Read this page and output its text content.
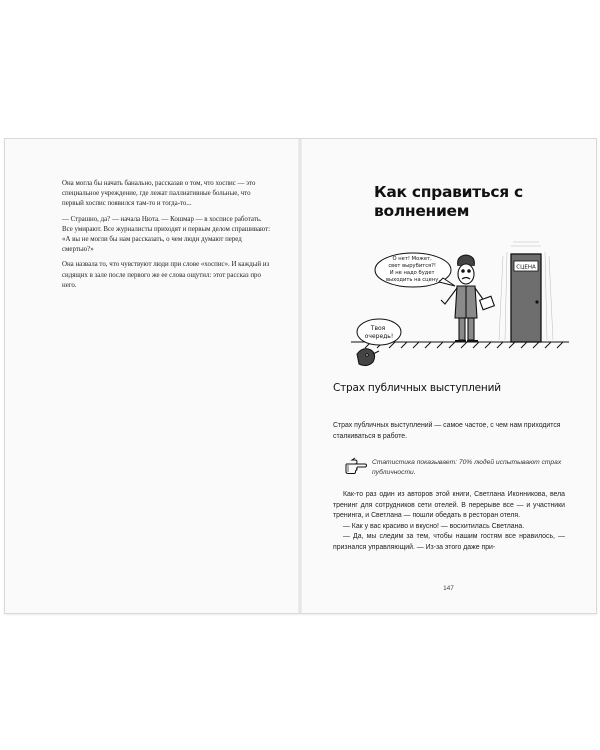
Она могла бы начать банально, рассказав о том, что хоспис — это специальное учреждение, где лежат паллиативные больные, что первый хоспис появился там-то и тогда-то...

— Страшно, да? — начала Нюта. — Кошмар — в хосписе работать. Все умирают. Все журналисты приходят и первым делом спрашивают: «А вы не могли бы нам рассказать, о чем люди думают перед смертью?»

Она назвала то, что чувствуют люди при слове «хоспис». И каждый из сидящих в зале после первого же ее слова ощутил: этот рассказ про него.

Как справиться с волнением
СЦЕНА
О нет! Может, свет вырубится?! И не надо будет выходить на сцену.
Твоя очередь!
Страх публичных выступлений
Страх публичных выступлений — самое частое, с чем нам приходится сталкиваться в работе.
Статистика показывает: 70% людей испытывают страх публичности.

Как-то раз один из авторов этой книги, Светлана Иконникова, вела тренинг для сотрудников сети отелей. В перерыве все — и участники тренинга, и Светлана — пошли обедать в ресторан отеля.

— Как у вас красиво и вкусно! — восхитилась Светлана.

— Да, мы следим за тем, чтобы нашим гостям все нравилось, — признался управляющий. — Из-за этого даже при-

147
